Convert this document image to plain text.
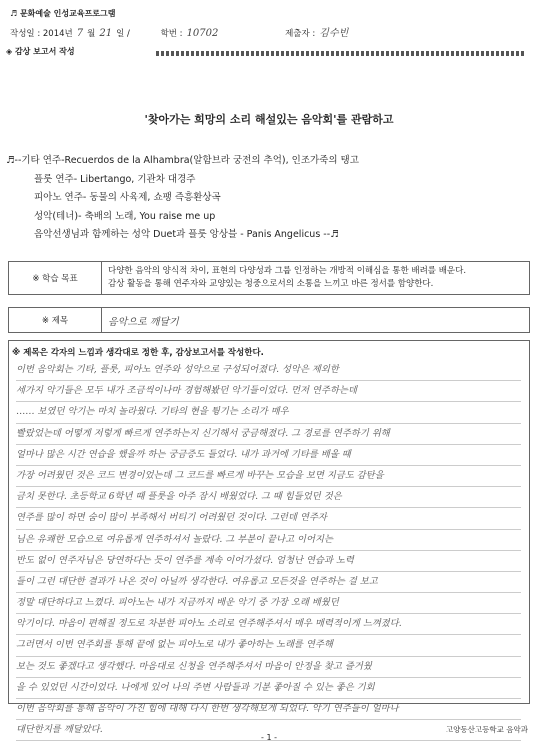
♬ 문화예술 인성교육프로그램
작성일 : 2014년 7 월 21 일 /	학번 : 10702	제출자 : 김수빈
◈ 감상 보고서 작성
'찾아가는 희망의 소리 해설있는 음악회'를 관람하고
♬--기타 연주-Recuerdos de la Alhambra(알함브라 궁전의 추억), 인조가죽의 탱고
플룻 연주- Libertango, 기관차 대경주
피아노 연주- 동물의 사육제, 쇼팽 즉흥환상곡
성악(테너)- 축배의 노래, You raise me up
음악선생님과 함께하는 성악 Duet과 플룻 앙상블 - Panis Angelicus --♬
※ 학습 목표	다양한 음악의 양식적 차이, 표현의 다양성과 그룹 인정하는 개방적 이해심을 통한 배려를 배운다.
감상 활동을 통해 연주자와 교양있는 청중으로서의 소통을 느끼고 바른 정서를 함양한다.

※ 제목	음악으로 깨달기
※ 제목은 각자의 느낌과 생각대로 정한 후, 감상보고서를 작성한다.
이번 음악회는 기타, 플룻, 피아노 연주와 성악으로 구성되어졌다. 성악은 제외한
세가지 악기들은 모두 내가 조금씩이나마 경험해봤던 악기들이었다. 먼저 연주하는데
…… 보였던 악기는 마치 놀라웠다. 기타의 현을 튕기는 소리가 매우
빨랐었는데 어떻게 저렇게 빠르게 연주하는지 신기해서 궁금해졌다. 그 경로를 연주하기 위해
얼마나 많은 시간 연습을 했을까 하는 궁금증도 들었다. 내가 과거에 기타를 배울 때
가장 어려웠던 것은 코드 변경이었는데 그 코드를 빠르게 바꾸는 모습을 보면 지금도 감탄을
금치 못한다. 초등학교 6학년 때 플룻을 아주 잠시 배웠었다. 그 때 힘들었던 것은
연주를 많이 하면 숨이 많이 부족해서 버티기 어려웠던 것이다. 그런데 연주자
님은 유쾌한 모습으로 여유롭게 연주하셔서 놀랐다. 그 부분이 끝나고 이어지는
반도 없이 연주자님은 당연하다는 듯이 연주를 계속 이어가셨다. 엄청난 연습과 노력
들이 그런 대단한 결과가 나온 것이 아닐까 생각한다. 여유롭고 모든것을 연주하는 걸 보고
정말 대단하다고 느꼈다. 피아노는 내가 지금까지 배운 악기 중 가장 오래 배웠던
악기이다. 마음이 편해질 정도로 차분한 피아노 소리로 연주해주셔서 매우 매력적이게 느껴졌다.
그러면서 이번 연주회를 통해 끝에 없는 피아노로 내가 좋아하는 노래를 연주해
보는 것도 좋겠다고 생각했다. 마음대로 신청을 연주해주셔서 마음이 안정을 찾고 즐거웠
을 수 있었던 시간이었다. 나에게 있어 나의 주변 사람들과 기분 좋아질 수 있는 좋은 기회
이번 음악회를 통해 음악이 가진 힘에 대해 다시 한번 생각해보게 되었다. 악기 연주들이 얼마나
대단한지를 깨달았다.	고양동산고등학교 음악과
- 1 -
